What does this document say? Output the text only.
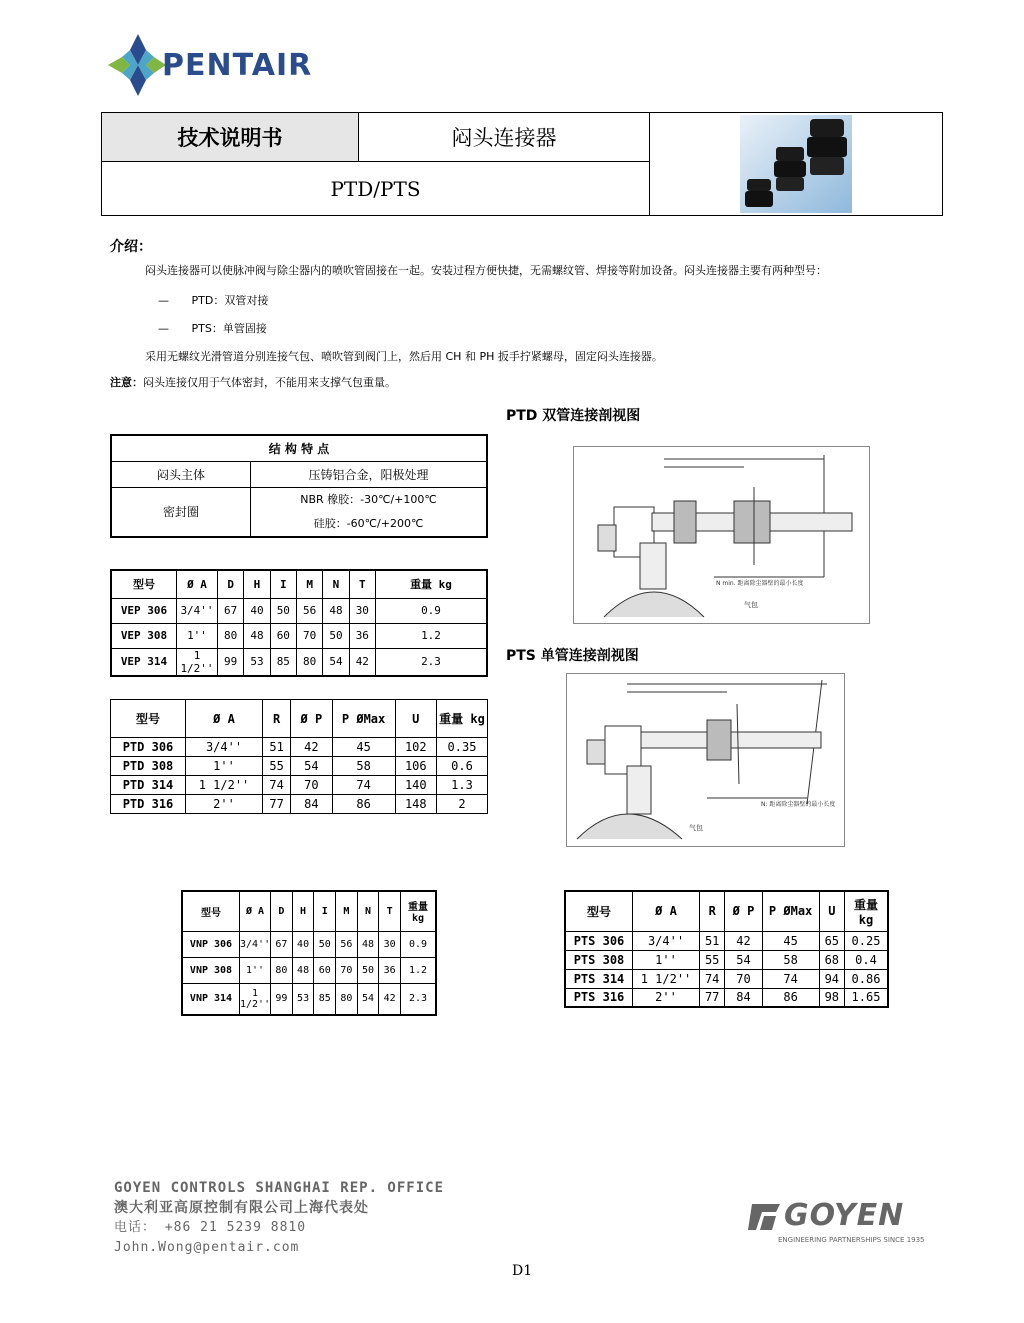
PENTAIR
技术说明书	闷头连接器
PTD/PTS
介绍：

闷头连接器可以使脉冲阀与除尘器内的喷吹管固接在一起。安装过程方便快捷，无需螺纹管、焊接等附加设备。闷头连接器主要有两种型号：

— PTD：双管对接
— PTS：单管固接

采用无螺纹光滑管道分别连接气包、喷吹管到阀门上，然后用 CH 和 PH 扳手拧紧螺母，固定闷头连接器。

注意：闷头连接仅用于气体密封，不能用来支撑气包重量。

PTD 双管连接剖视图
结 构 特 点	
闷头主体	压铸铝合金，阳极处理
密封圈	NBR 橡胶：-30℃/+100℃
硅胶：-60℃/+200℃
型号	Ø A	D	H	I	M	N	T	重量 kg
VEP 306	3/4''	67	40	50	56	48	30	0.9
VEP 308	1''	80	48	60	70	50	36	1.2
VEP 314	1 1/2''	99	53	85	80	54	42	2.3	PTS 单管连接剖视图
N min. 距离除尘器壁的最小长度
气包
型号	Ø A	R	Ø P	P ØMax	U	重量 kg
PTD 306	3/4''	51	42	45	102	0.35
PTD 308	1''	55	54	58	106	0.6
PTD 314	1 1/2''	74	70	74	140	1.3
PTD 316	2''	77	84	86	148	2	N: 距离除尘器壁的最小长度
气包
型号	Ø A	D	H	I	M	N	T	重量 kg
VNP 306	3/4''	67	40	50	56	48	30	0.9
VNP 308	1''	80	48	60	70	50	36	1.2
VNP 314	1 1/2''	99	53	85	80	54	42	2.3
型号	Ø A	R	Ø P	P ØMax	U	重量 kg
PTS 306	3/4''	51	42	45	65	0.25
PTS 308	1''	55	54	58	68	0.4
PTS 314	1 1/2''	74	70	74	94	0.86
PTS 316	2''	77	84	86	98	1.65
GOYEN CONTROLS SHANGHAI REP. OFFICE
澳大利亚高原控制有限公司上海代表处
电话： +86 21 5239 8810
John.Wong@pentair.com
GOYEN
ENGINEERING PARTNERSHIPS SINCE 1935
D1
